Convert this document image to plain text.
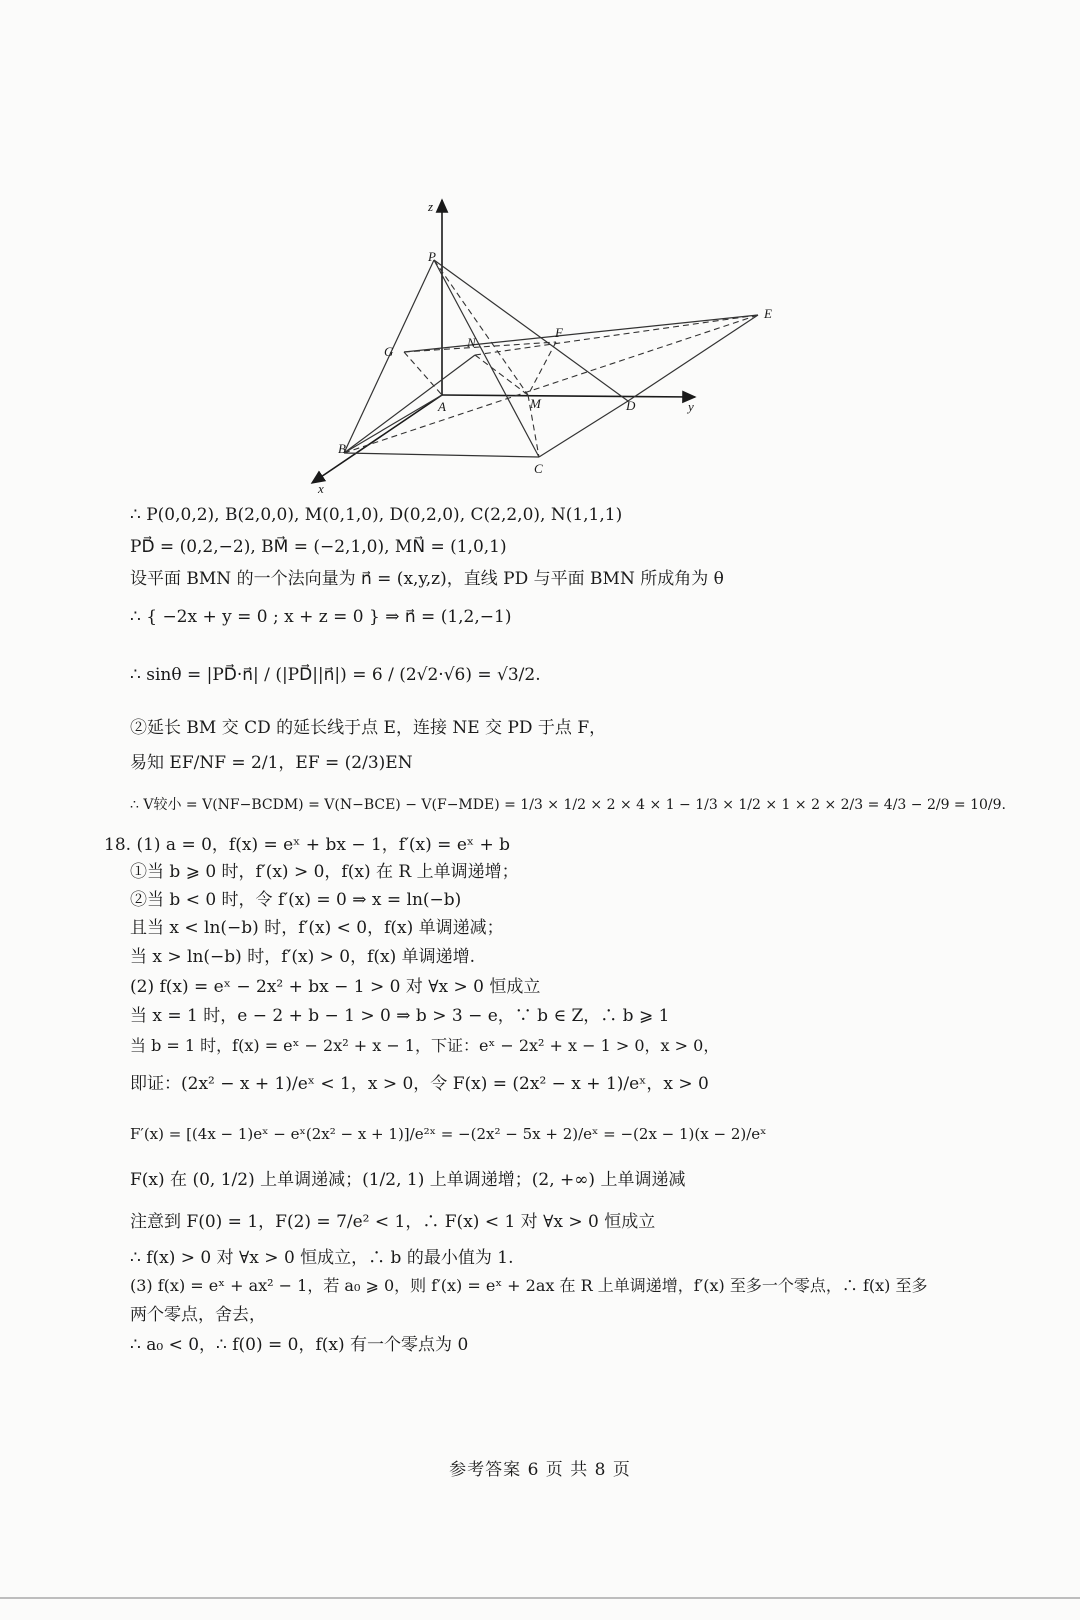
P
G
N
F
E
A	M	D
B
C
z
y
x
∴ P(0,0,2), B(2,0,0), M(0,1,0), D(0,2,0), C(2,2,0), N(1,1,1)
PD⃗ = (0,2,−2), BM⃗ = (−2,1,0), MN⃗ = (1,0,1)
设平面 BMN 的一个法向量为 n⃗ = (x,y,z)，直线 PD 与平面 BMN 所成角为 θ
∴ { −2x + y = 0 ; x + z = 0 } ⇒ n⃗ = (1,2,−1)
∴ sinθ = |PD⃗·n⃗| / (|PD⃗||n⃗|) = 6 / (2√2·√6) = √3/2.
②延长 BM 交 CD 的延长线于点 E，连接 NE 交 PD 于点 F，
易知 EF/NF = 2/1，EF = (2/3)EN
∴ V较小 = V(NF−BCDM) = V(N−BCE) − V(F−MDE) = 1/3 × 1/2 × 2 × 4 × 1 − 1/3 × 1/2 × 1 × 2 × 2/3 = 4/3 − 2/9 = 10/9.
18. (1) a = 0，f(x) = eˣ + bx − 1，f′(x) = eˣ + b
①当 b ⩾ 0 时，f′(x) > 0，f(x) 在 R 上单调递增；
②当 b < 0 时，令 f′(x) = 0 ⇒ x = ln(−b)
且当 x < ln(−b) 时，f′(x) < 0，f(x) 单调递减；
当 x > ln(−b) 时，f′(x) > 0，f(x) 单调递增.
(2) f(x) = eˣ − 2x² + bx − 1 > 0 对 ∀x > 0 恒成立
当 x = 1 时，e − 2 + b − 1 > 0 ⇒ b > 3 − e，∵ b ∈ Z，∴ b ⩾ 1
当 b = 1 时，f(x) = eˣ − 2x² + x − 1，下证：eˣ − 2x² + x − 1 > 0，x > 0，
即证：(2x² − x + 1)/eˣ < 1，x > 0，令 F(x) = (2x² − x + 1)/eˣ，x > 0
F′(x) = [(4x − 1)eˣ − eˣ(2x² − x + 1)]/e²ˣ = −(2x² − 5x + 2)/eˣ = −(2x − 1)(x − 2)/eˣ
F(x) 在 (0, 1/2) 上单调递减；(1/2, 1) 上单调递增；(2, +∞) 上单调递减
注意到 F(0) = 1，F(2) = 7/e² < 1，∴ F(x) < 1 对 ∀x > 0 恒成立
∴ f(x) > 0 对 ∀x > 0 恒成立，∴ b 的最小值为 1.
(3) f(x) = eˣ + ax² − 1，若 a₀ ⩾ 0，则 f′(x) = eˣ + 2ax 在 R 上单调递增，f′(x) 至多一个零点，∴ f(x) 至多
两个零点，舍去，
∴ a₀ < 0，∴ f(0) = 0，f(x) 有一个零点为 0
参考答案 6 页 共 8 页
